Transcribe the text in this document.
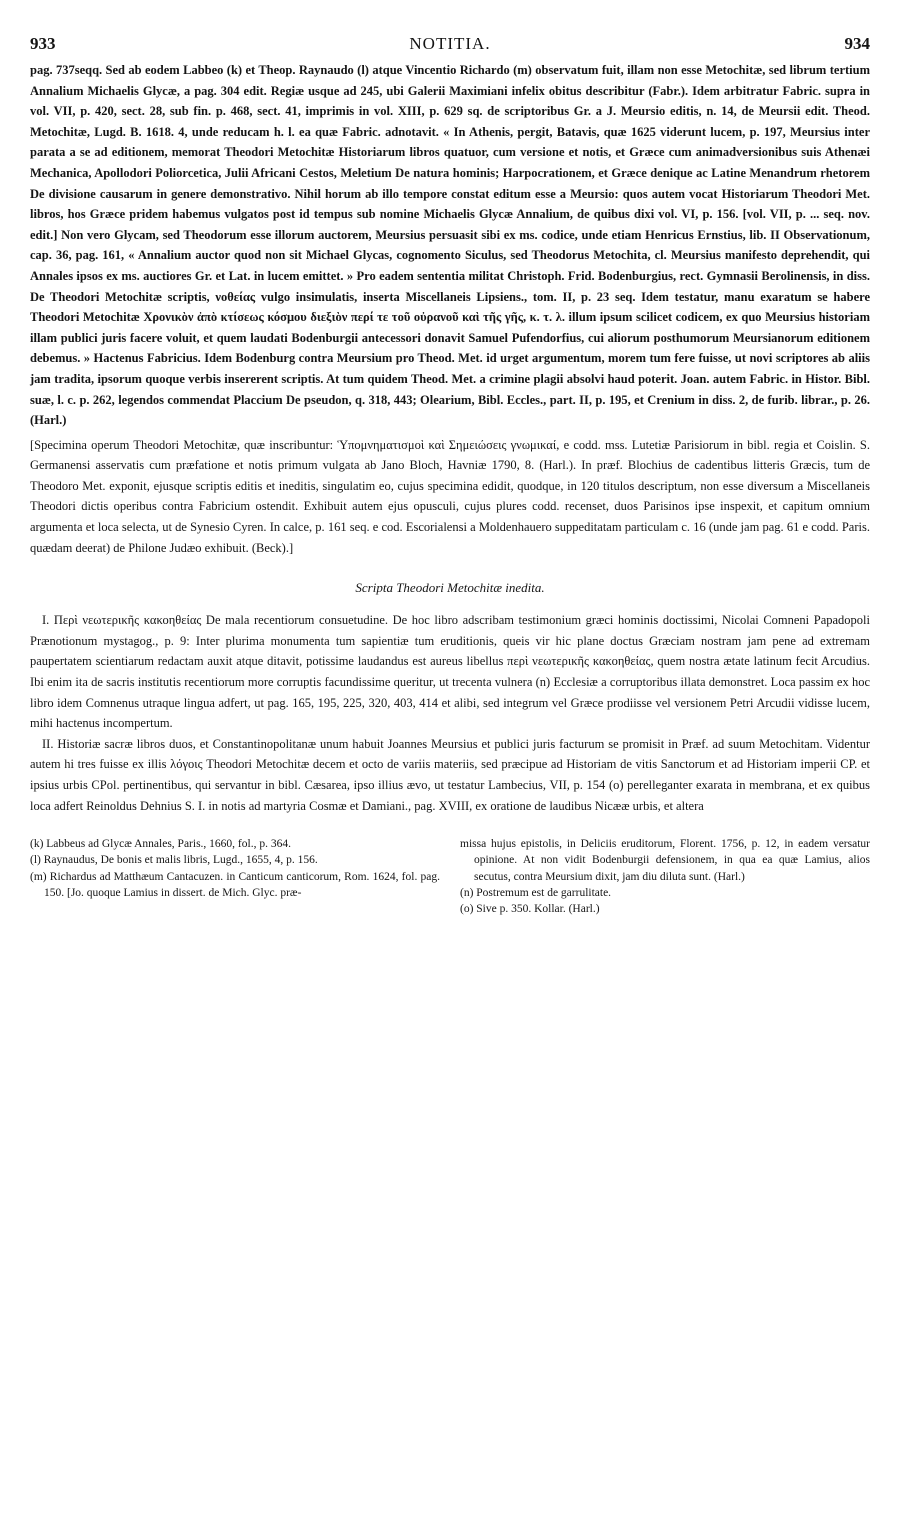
933	NOTITIA.	934

pag. 737seqq. Sed ab eodem Labbeo (k) et Theop. Raynaudo (l) atque Vincentio Richardo (m) observatum fuit, illam non esse Metochitæ, sed librum tertium Annalium Michaelis Glycæ, a pag. 304 edit. Regiæ usque ad 245, ubi Galerii Maximiani infelix obitus describitur (Fabr.). Idem arbitratur Fabric. supra in vol. VII, p. 420, sect. 28, sub fin. p. 468, sect. 41, imprimis in vol. XIII, p. 629 sq. de scriptoribus Gr. a J. Meursio editis, n. 14, de Meursii edit. Theod. Metochitæ, Lugd. B. 1618. 4, unde reducam h. l. ea quæ Fabric. adnotavit. « In Athenis, pergit, Batavis, quæ 1625 viderunt lucem, p. 197, Meursius inter parata a se ad editionem, memorat Theodori Metochitæ Historiarum libros quatuor, cum versione et notis, et Græce cum animadversionibus suis Athenæi Mechanica, Apollodori Poliorcetica, Julii Africani Cestos, Meletium De natura hominis; Harpocrationem, et Græce denique ac Latine Menandrum rhetorem De divisione causarum in genere demonstrativo. Nihil horum ab illo tempore constat editum esse a Meursio: quos autem vocat Historiarum Theodori Met. libros, hos Græce pridem habemus vulgatos post id tempus sub nomine Michaelis Glycæ Annalium, de quibus dixi vol. VI, p. 156. [vol. VII, p. ... seq. nov. edit.] Non vero Glycam, sed Theodorum esse illorum auctorem, Meursius persuasit sibi ex ms. codice, unde etiam Henricus Ernstius, lib. II Observationum, cap. 36, pag. 161, « Annalium auctor quod non sit Michael Glycas, cognomento Siculus, sed Theodorus Metochita, cl. Meursius manifesto deprehendit, qui Annales ipsos ex ms. auctiores Gr. et Lat. in lucem emittet. » Pro eadem sententia militat Christoph. Frid. Bodenburgius, rect. Gymnasii Berolinensis, in diss. De Theodori Metochitæ scriptis, νοθείας vulgo insimulatis, inserta Miscellaneis Lipsiens., tom. II, p. 23 seq. Idem testatur, manu exaratum se habere Theodori Metochitæ Χρονικὸν ἀπὸ κτίσεως κόσμου διεξιὸν περί τε τοῦ οὐρανοῦ καὶ τῆς γῆς, κ. τ. λ. illum ipsum scilicet codicem, ex quo Meursius historiam illam publici juris facere voluit, et quem laudati Bodenburgii antecessori donavit Samuel Pufendorfius, cui aliorum posthumorum Meursianorum editionem debemus. » Hactenus Fabricius. Idem Bodenburg contra Meursium pro Theod. Met. id urget argumentum, morem tum fere fuisse, ut novi scriptores ab aliis jam tradita, ipsorum quoque verbis insererent scriptis. At tum quidem Theod. Met. a crimine plagii absolvi haud poterit. Joan. autem Fabric. in Histor. Bibl. suæ, l. c. p. 262, legendos commendat Placcium De pseudon, q. 318, 443; Olearium, Bibl. Eccles., part. II, p. 195, et Crenium in diss. 2, de furib. librar., p. 26. (Harl.)

[Specimina operum Theodori Metochitæ, quæ inscribuntur: Ὑπομνηματισμοὶ καὶ Σημειώσεις γνωμικαί, e codd. mss. Lutetiæ Parisiorum in bibl. regia et Coislin. S. Germanensi asservatis cum præfatione et notis primum vulgata ab Jano Bloch, Havniæ 1790, 8. (Harl.). In præf. Blochius de cadentibus litteris Græcis, tum de Theodoro Met. exponit, ejusque scriptis editis et ineditis, singulatim eo, cujus specimina edidit, quodque, in 120 titulos descriptum, non esse diversum a Miscellaneis Theodori dictis operibus contra Fabricium ostendit. Exhibuit autem ejus opusculi, cujus plures codd. recenset, duos Parisinos ipse inspexit, et capitum omnium argumenta et loca selecta, ut de Synesio Cyren. In calce, p. 161 seq. e cod. Escorialensi a Moldenhauero suppeditatam particulam c. 16 (unde jam pag. 61 e codd. Paris. quædam deerat) de Philone Judæo exhibuit. (Beck).]

Scripta Theodori Metochitæ inedita.

I. Περὶ νεωτερικῆς κακοηθείας De mala recentiorum consuetudine. De hoc libro adscribam testimonium græci hominis doctissimi, Nicolai Comneni Papadopoli Prænotionum mystagog., p. 9: Inter plurima monumenta tum sapientiæ tum eruditionis, queis vir hic plane doctus Græciam nostram jam pene ad extremam paupertatem scientiarum redactam auxit atque ditavit, potissime laudandus est aureus libellus περὶ νεωτερικῆς κακοηθείας, quem nostra ætate latinum fecit Arcudius. Ibi enim ita de sacris institutis recentiorum more corruptis facundissime queritur, ut trecenta vulnera (n) Ecclesiæ a corruptoribus illata demonstret. Loca passim ex hoc libro idem Comnenus utraque lingua adfert, ut pag. 165, 195, 225, 320, 403, 414 et alibi, sed integrum vel Græce prodiisse vel versionem Petri Arcudii vidisse lucem, mihi hactenus incompertum.

II. Historiæ sacræ libros duos, et Constantinopolitanæ unum habuit Joannes Meursius et publici juris facturum se promisit in Præf. ad suum Metochitam. Videntur autem hi tres fuisse ex illis λόγοις Theodori Metochitæ decem et octo de variis materiis, sed præcipue ad Historiam de vitis Sanctorum et ad Historiam imperii CP. et ipsius urbis CPol. pertinentibus, qui servantur in bibl. Cæsarea, ipso illius ævo, ut testatur Lambecius, VII, p. 154 (o) perelleganter exarata in membrana, et ex quibus loca adfert Reinoldus Dehnius S. I. in notis ad martyria Cosmæ et Damiani., pag. XVIII, ex oratione de laudibus Nicææ urbis, et altera

(k) Labbeus ad Glycæ Annales, Paris., 1660, fol., p. 364.

(l) Raynaudus, De bonis et malis libris, Lugd., 1655, 4, p. 156.

(m) Richardus ad Matthæum Cantacuzen. in Canticum canticorum, Rom. 1624, fol. pag. 150. [Jo. quoque Lamius in dissert. de Mich. Glyc. præ-

missa hujus epistolis, in Deliciis eruditorum, Florent. 1756, p. 12, in eadem versatur opinione. At non vidit Bodenburgii defensionem, in qua ea quæ Lamius, alios secutus, contra Meursium dixit, jam diu diluta sunt. (Harl.)

(n) Postremum est de garrulitate.

(o) Sive p. 350. Kollar. (Harl.)
